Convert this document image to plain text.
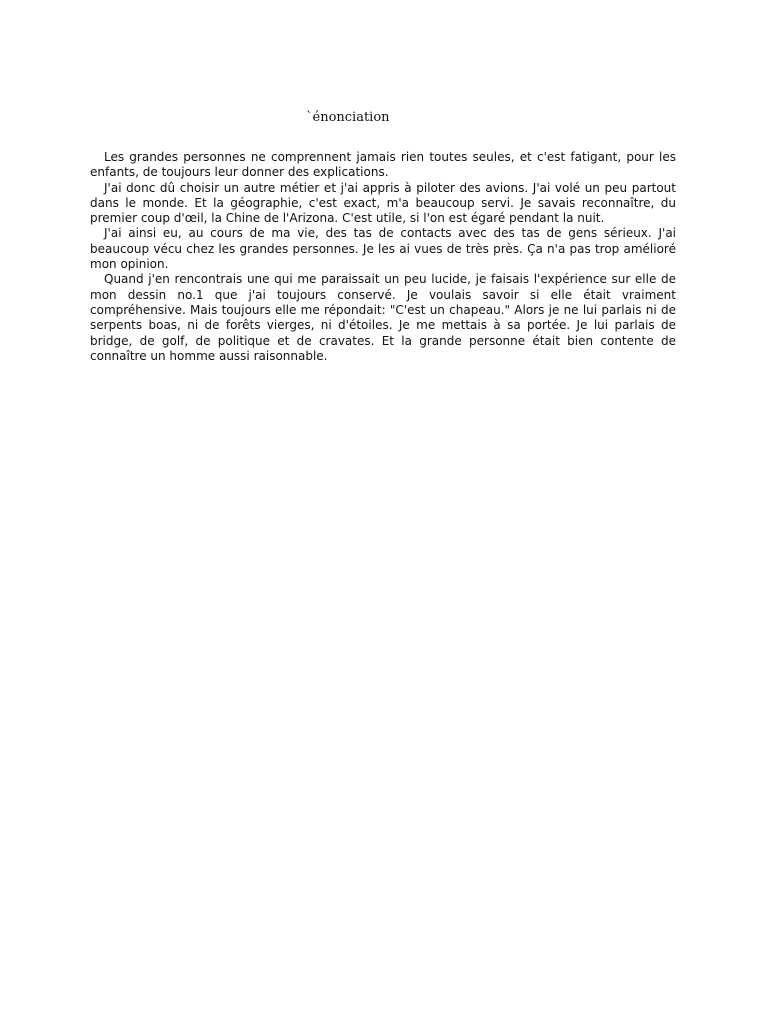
`énonciation

Les grandes personnes ne comprennent jamais rien toutes seules, et c'est fatigant, pour les enfants, de toujours leur donner des explications.

J'ai donc dû choisir un autre métier et j'ai appris à piloter des avions. J'ai volé un peu partout dans le monde. Et la géographie, c'est exact, m'a beaucoup servi. Je savais reconnaître, du premier coup d'œil, la Chine de l'Arizona. C'est utile, si l'on est égaré pendant la nuit.

J'ai ainsi eu, au cours de ma vie, des tas de contacts avec des tas de gens sérieux. J'ai beaucoup vécu chez les grandes personnes. Je les ai vues de très près. Ça n'a pas trop amélioré mon opinion.

Quand j'en rencontrais une qui me paraissait un peu lucide, je faisais l'expérience sur elle de mon dessin no.1 que j'ai toujours conservé. Je voulais savoir si elle était vraiment compréhensive. Mais toujours elle me répondait: "C'est un chapeau." Alors je ne lui parlais ni de serpents boas, ni de forêts vierges, ni d'étoiles. Je me mettais à sa portée. Je lui parlais de bridge, de golf, de politique et de cravates. Et la grande personne était bien contente de connaître un homme aussi raisonnable.
